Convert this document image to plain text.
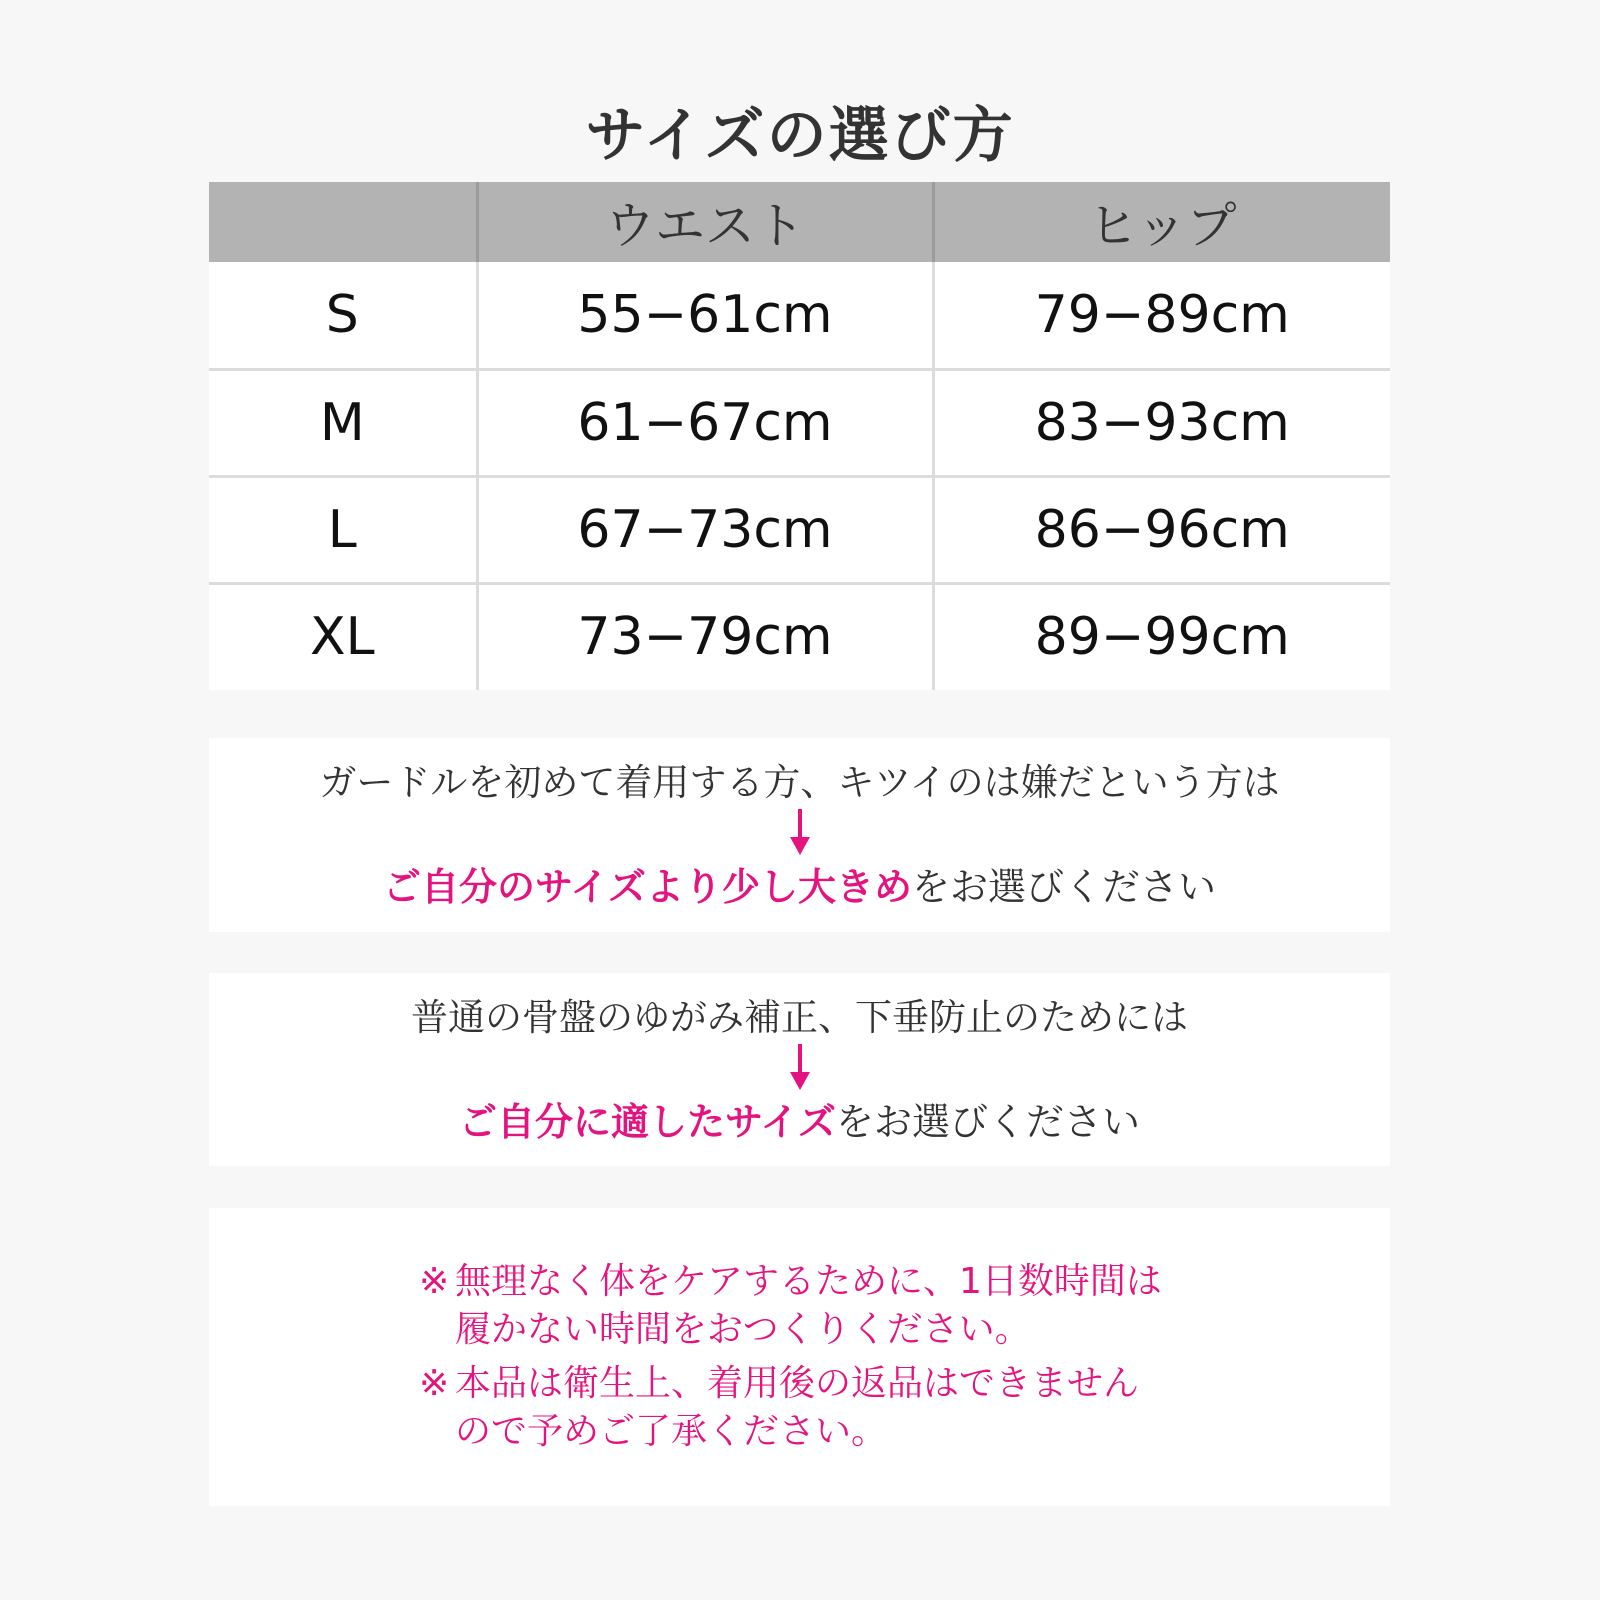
サイズの選び方
	ウエスト	ヒップ
S	55−61cm	79−89cm
M	61−67cm	83−93cm
L	67−73cm	86−96cm
XL	73−79cm	89−99cm

ガードルを初めて着用する方、キツイのは嫌だという方は

ご自分のサイズより少し大きめをお選びください

普通の骨盤のゆがみ補正、下垂防止のためには

ご自分に適したサイズをお選びください

※ 無理なく体をケアするために、1日数時間は
履かない時間をおつくりください。
※ 本品は衛生上、着用後の返品はできません
ので予めご了承ください。
